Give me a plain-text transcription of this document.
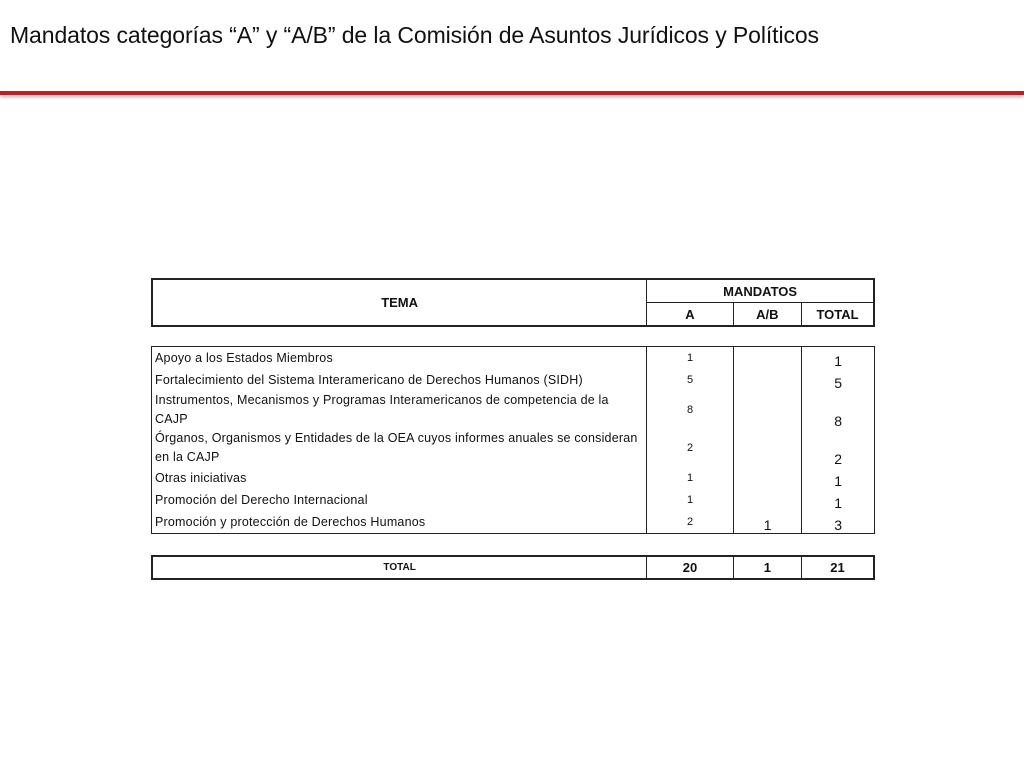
Mandatos categorías “A” y “A/B” de la Comisión de Asuntos Jurídicos y Políticos
TEMA	MANDATOS		
	A	A/B	TOTAL
Apoyo a los Estados Miembros	1		1
Fortalecimiento del Sistema Interamericano de Derechos Humanos (SIDH)	5		5
Instrumentos, Mecanismos y Programas Interamericanos de competencia de la CAJP	8		8
Órganos, Organismos y Entidades de la OEA cuyos informes anuales se consideran en la CAJP	2		2
Otras iniciativas	1		1
Promoción del Derecho Internacional	1		1
Promoción y protección de Derechos Humanos	2	1	3
TOTAL	20	1	21
